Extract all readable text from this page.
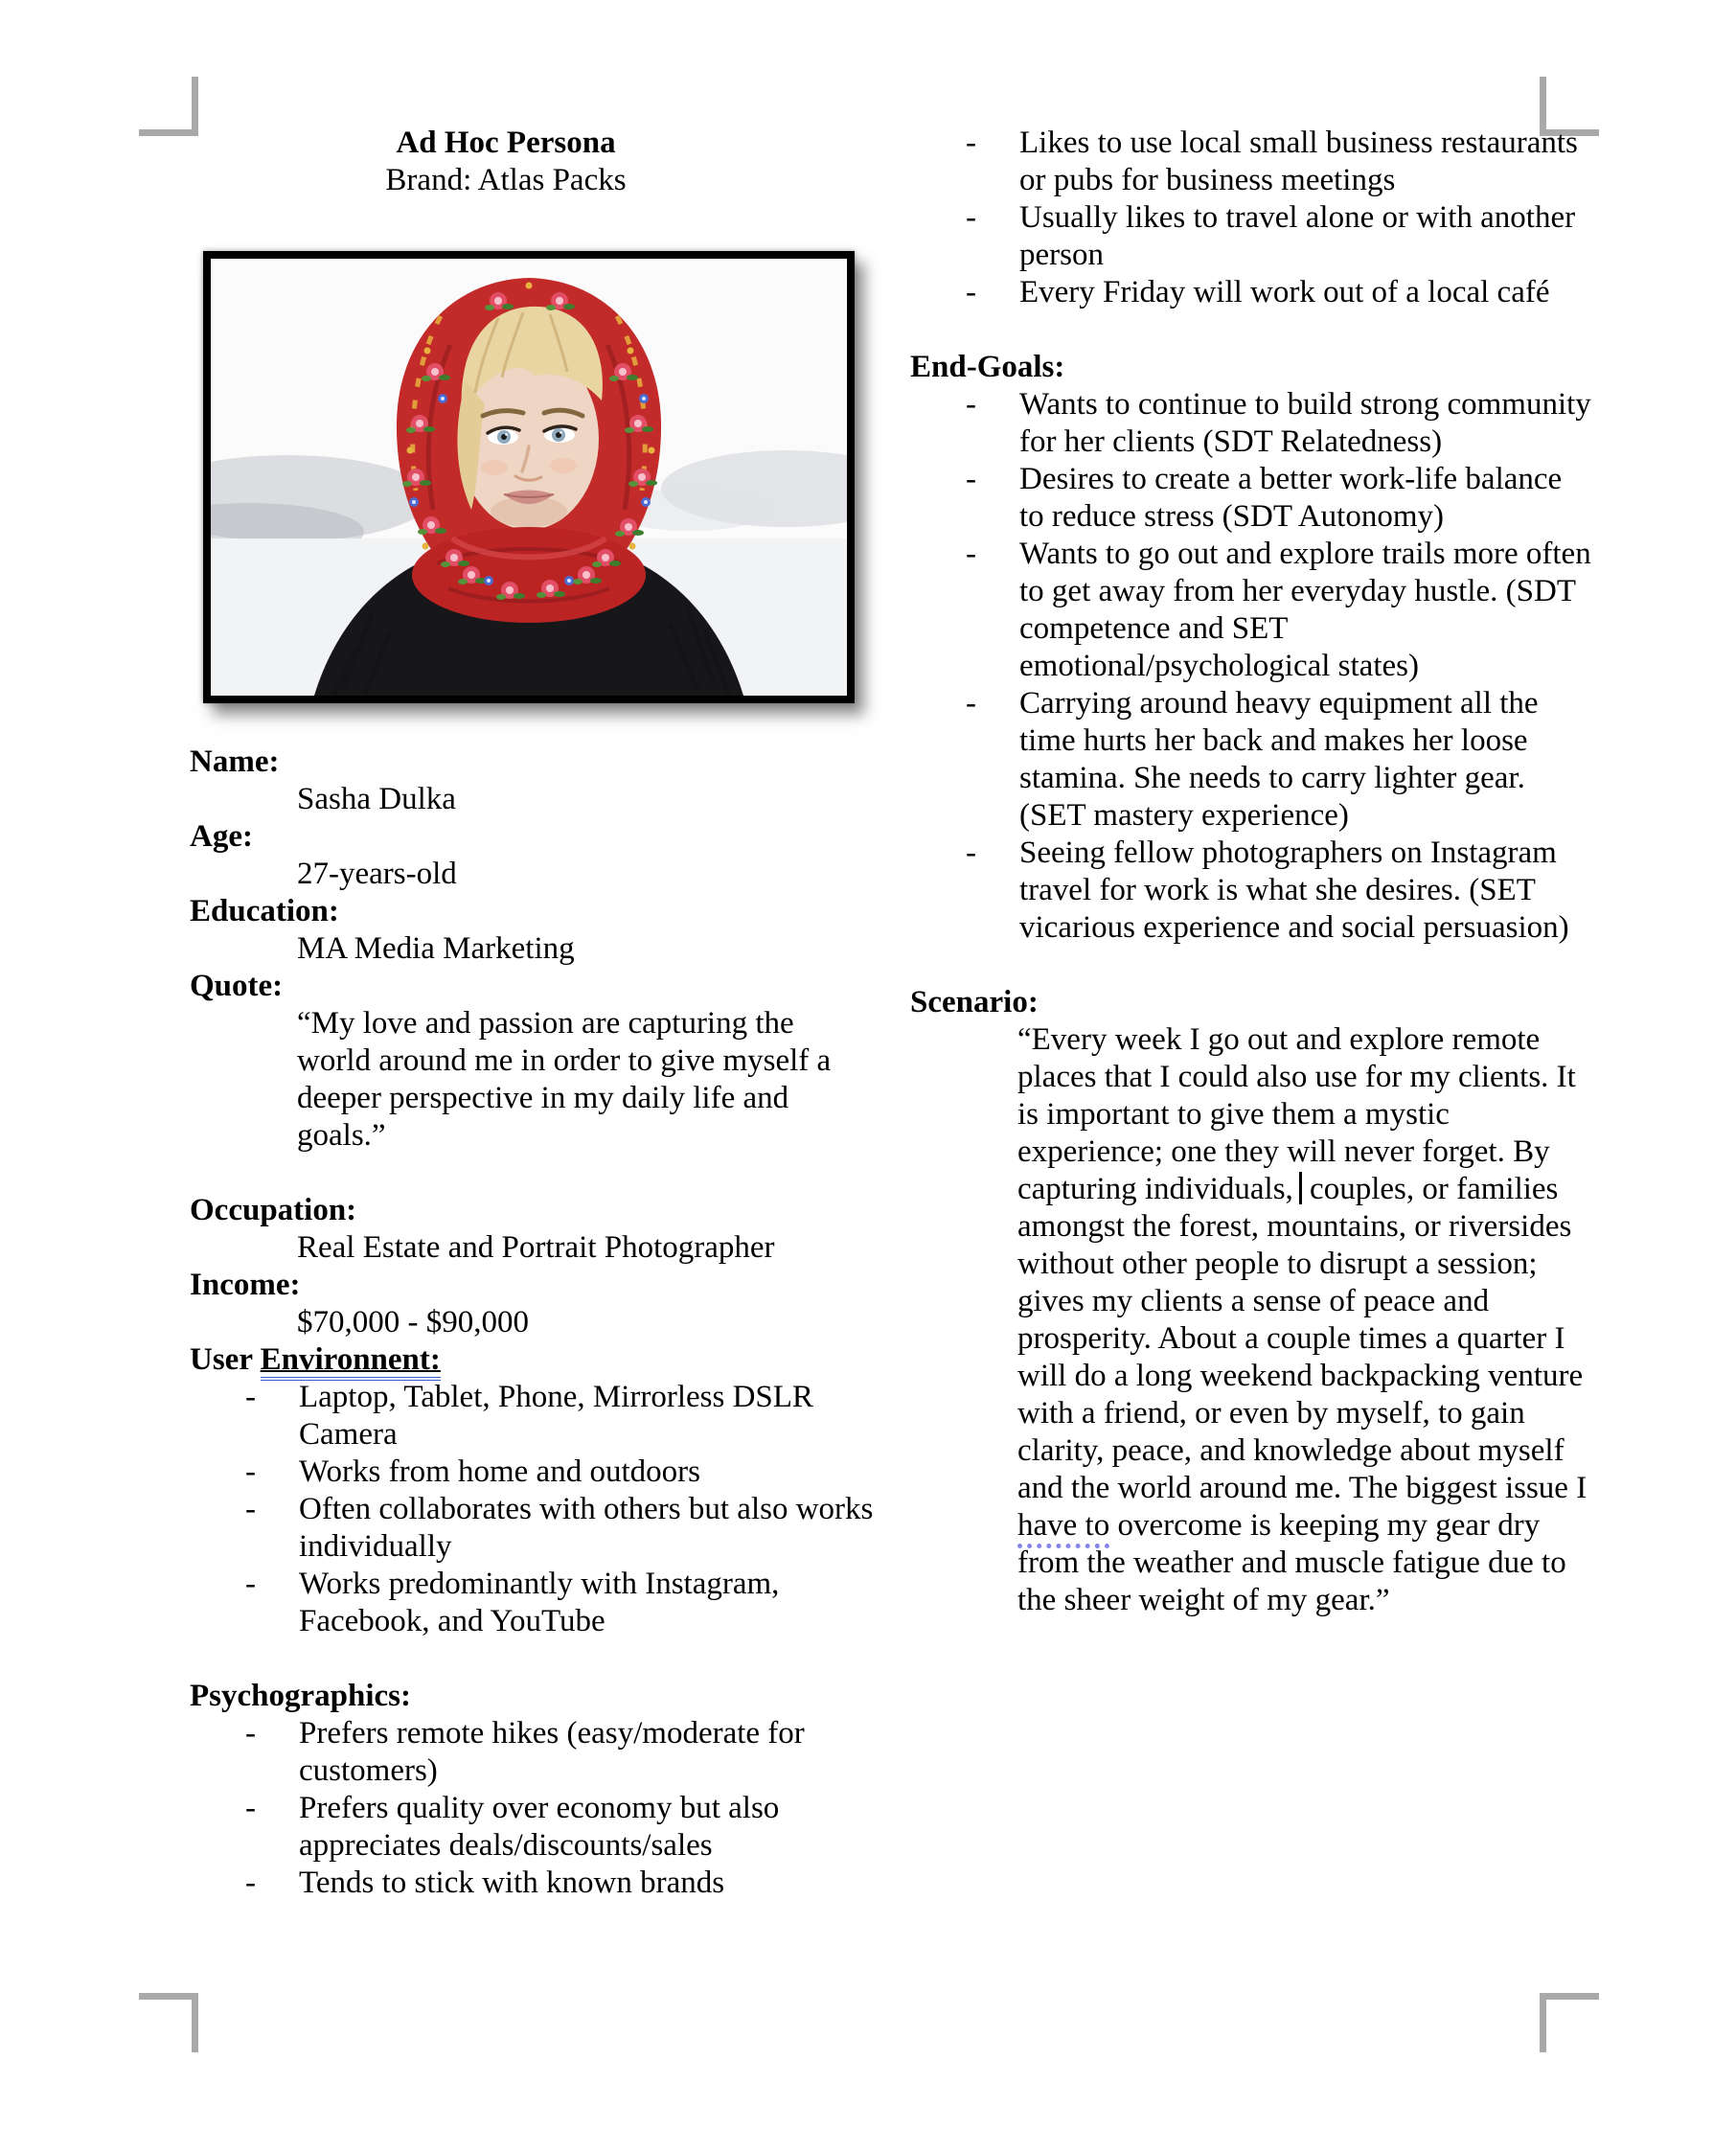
Ad Hoc Persona
Brand: Atlas Packs
Name:
Sasha Dulka
Age:
27-years-old
Education:
MA Media Marketing
Quote:
“My love and passion are capturing the world around me in order to give myself a deeper perspective in my daily life and goals.”
Occupation:
Real Estate and Portrait Photographer
Income:
$70,000 - $90,000
User Environnent:
- Laptop, Tablet, Phone, Mirrorless DSLR Camera
- Works from home and outdoors
- Often collaborates with others but also works individually
- Works predominantly with Instagram, Facebook, and YouTube
Psychographics:
- Prefers remote hikes (easy/moderate for customers)
- Prefers quality over economy but also appreciates deals/discounts/sales
- Tends to stick with known brands
- Likes to use local small business restaurants or pubs for business meetings
- Usually likes to travel alone or with another person
- Every Friday will work out of a local café
End-Goals:
- Wants to continue to build strong community for her clients (SDT Relatedness)
- Desires to create a better work-life balance to reduce stress (SDT Autonomy)
- Wants to go out and explore trails more often to get away from her everyday hustle. (SDT competence and SET emotional/psychological states)
- Carrying around heavy equipment all the time hurts her back and makes her loose stamina. She needs to carry lighter gear. (SET mastery experience)
- Seeing fellow photographers on Instagram travel for work is what she desires. (SET vicarious experience and social persuasion)
Scenario:
“Every week I go out and explore remote places that I could also use for my clients. It is important to give them a mystic experience; one they will never forget. By capturing individuals, couples, or families amongst the forest, mountains, or riversides without other people to disrupt a session; gives my clients a sense of peace and prosperity. About a couple times a quarter I will do a long weekend backpacking venture with a friend, or even by myself, to gain clarity, peace, and knowledge about myself and the world around me. The biggest issue I have to overcome is keeping my gear dry from the weather and muscle fatigue due to the sheer weight of my gear.”
